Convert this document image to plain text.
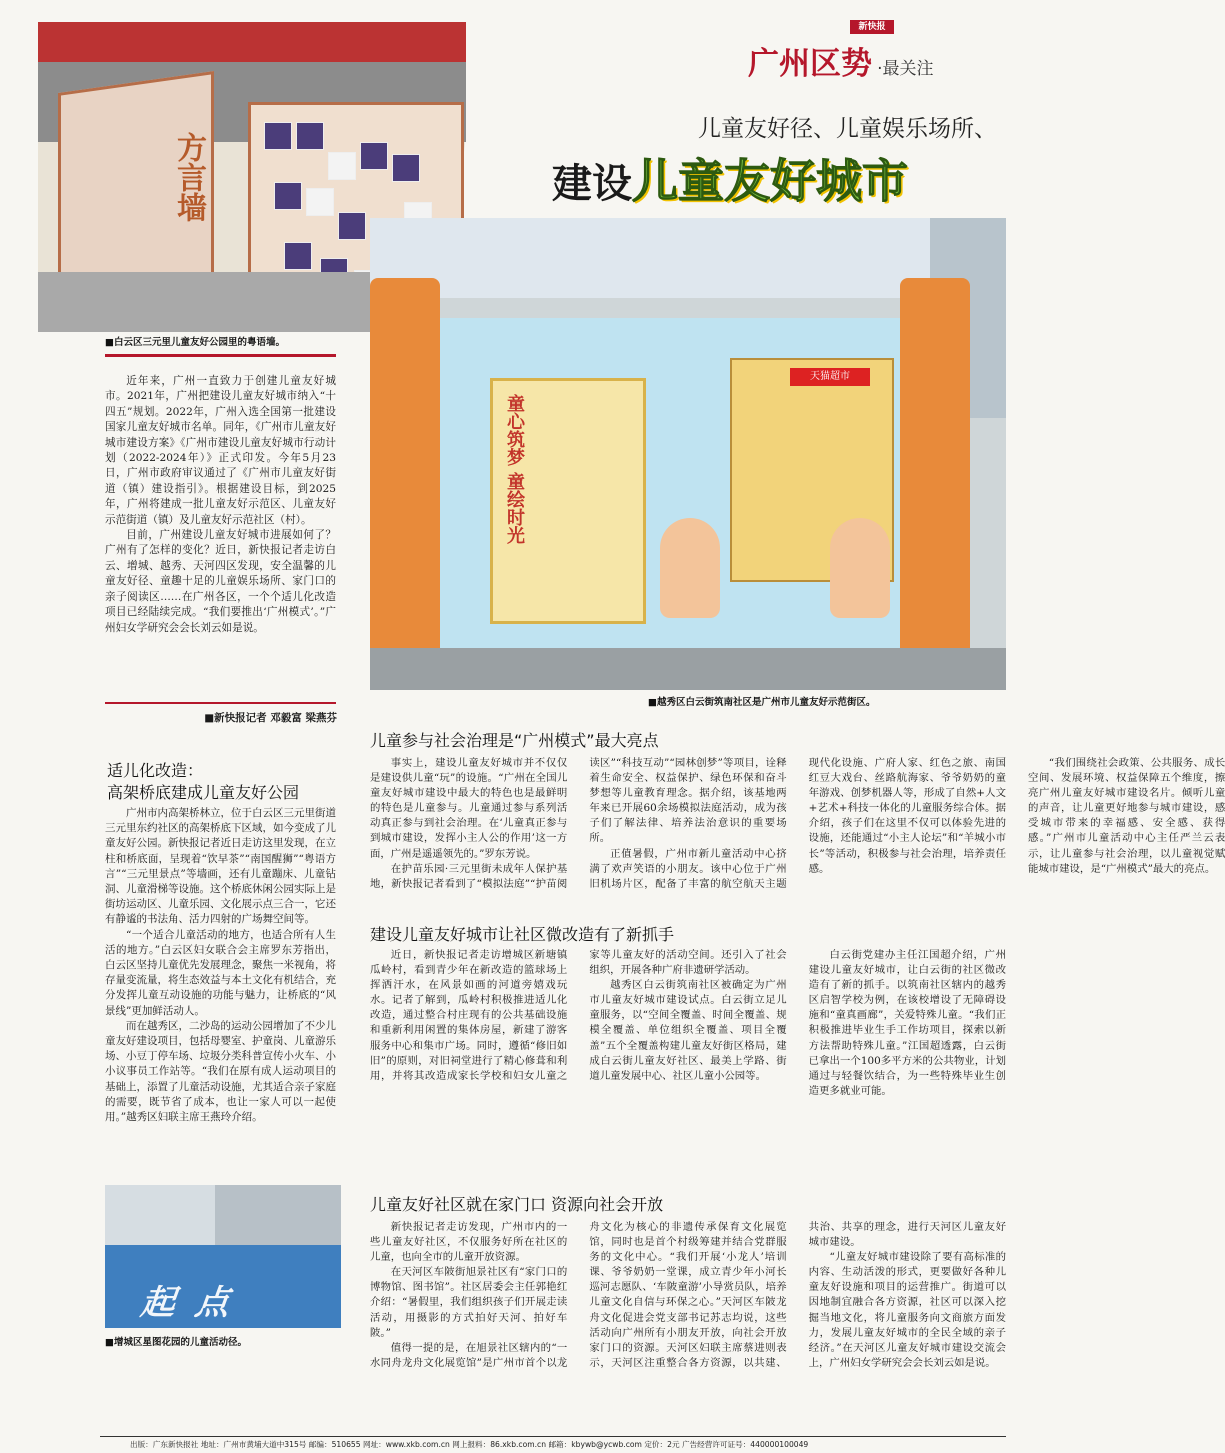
新快报
广州区势 ·最关注
儿童友好径、儿童娱乐场所、
建设儿童友好城市
方言墙
■白云区三元里儿童友好公园里的粤语墙。
童心筑梦 童绘时光
天猫超市
■越秀区白云街筑南社区是广州市儿童友好示范街区。

近年来，广州一直致力于创建儿童友好城市。2021年，广州把建设儿童友好城市纳入“十四五”规划。2022年，广州入选全国第一批建设国家儿童友好城市名单。同年，《广州市儿童友好城市建设方案》《广州市建设儿童友好城市行动计划（2022-2024年）》正式印发。今年5月23日，广州市政府审议通过了《广州市儿童友好街道（镇）建设指引》。根据建设目标，到2025年，广州将建成一批儿童友好示范区、儿童友好示范街道（镇）及儿童友好示范社区（村）。

目前，广州建设儿童友好城市进展如何了？广州有了怎样的变化？近日，新快报记者走访白云、增城、越秀、天河四区发现，安全温馨的儿童友好径、童趣十足的儿童娱乐场所、家门口的亲子阅读区……在广州各区，一个个适儿化改造项目已经陆续完成。“我们要推出‘广州模式’。”广州妇女学研究会会长刘云如是说。

■新快报记者 邓毅富 梁燕芬
适儿化改造：
高架桥底建成儿童友好公园

广州市内高架桥林立，位于白云区三元里街道三元里东约社区的高架桥底下区域，如今变成了儿童友好公园。新快报记者近日走访这里发现，在立柱和桥底面，呈现着“饮早茶”“南国醒狮”“粤语方言”“三元里景点”等墙画，还有儿童蹦床、儿童钻洞、儿童滑梯等设施。这个桥底休闲公园实际上是街坊运动区、儿童乐园、文化展示点三合一，它还有静谧的书法角、活力四射的广场舞空间等。

“一个适合儿童活动的地方，也适合所有人生活的地方。”白云区妇女联合会主席罗东芳指出，白云区坚持儿童优先发展理念，聚焦一米视角，将存量变流量，将生态效益与本土文化有机结合，充分发挥儿童互动设施的功能与魅力，让桥底的“风景线”更加鲜活动人。

而在越秀区，二沙岛的运动公园增加了不少儿童友好建设项目，包括母婴室、护童岗、儿童游乐场、小豆丁停车场、垃圾分类科普宣传小火车、小小议事员工作站等。“我们在原有成人运动项目的基础上，添置了儿童活动设施，尤其适合亲子家庭的需要，既节省了成本，也让一家人可以一起使用。”越秀区妇联主席王燕玲介绍。

起点
■增城区星图花园的儿童活动径。
儿童参与社会治理是“广州模式”最大亮点

事实上，建设儿童友好城市并不仅仅是建设供儿童“玩”的设施。“广州在全国儿童友好城市建设中最大的特色也是最鲜明的特色是儿童参与。儿童通过参与系列活动真正参与到社会治理。在‘儿童真正参与到城市建设，发挥小主人公的作用’这一方面，广州是遥遥领先的。”罗东芳说。

在护苗乐园·三元里街未成年人保护基地，新快报记者看到了“模拟法庭”“护苗阅读区”“科技互动”“园林创梦”等项目，诠释着生命安全、权益保护、绿色环保和奋斗梦想等儿童教育理念。据介绍，该基地两年来已开展60余场模拟法庭活动，成为孩子们了解法律、培养法治意识的重要场所。

正值暑假，广州市新儿童活动中心挤满了欢声笑语的小朋友。该中心位于广州旧机场片区，配备了丰富的航空航天主题现代化设施、广府人家、红色之旅、南国红豆大戏台、丝路航海家、爷爷奶奶的童年游戏、创梦机器人等，形成了自然+人文+艺术+科技一体化的儿童服务综合体。据介绍，孩子们在这里不仅可以体验先进的设施，还能通过“小主人论坛”和“羊城小市长”等活动，积极参与社会治理，培养责任感。

“我们围绕社会政策、公共服务、成长空间、发展环境、权益保障五个维度，擦亮广州儿童友好城市建设名片。倾听儿童的声音，让儿童更好地参与城市建设，感受城市带来的幸福感、安全感、获得感。”广州市儿童活动中心主任严兰云表示，让儿童参与社会治理，以儿童视觉赋能城市建设，是“广州模式”最大的亮点。

建设儿童友好城市让社区微改造有了新抓手

近日，新快报记者走访增城区新塘镇瓜岭村，看到青少年在新改造的篮球场上挥洒汗水，在风景如画的河道旁嬉戏玩水。记者了解到，瓜岭村积极推进适儿化改造，通过整合村庄现有的公共基础设施和重新利用闲置的集体房屋，新建了游客服务中心和集市广场。同时，遵循“修旧如旧”的原则，对旧祠堂进行了精心修葺和利用，并将其改造成家长学校和妇女儿童之家等儿童友好的活动空间。还引入了社会组织，开展各种广府非遗研学活动。

越秀区白云街筑南社区被确定为广州市儿童友好城市建设试点。白云街立足儿童服务，以“空间全覆盖、时间全覆盖、规模全覆盖、单位组织全覆盖、项目全覆盖”五个全覆盖构建儿童友好街区格局，建成白云街儿童友好社区、最美上学路、街道儿童发展中心、社区儿童小公园等。

白云街党建办主任江国超介绍，广州建设儿童友好城市，让白云街的社区微改造有了新的抓手。以筑南社区辖内的越秀区启智学校为例，在该校增设了无障碍设施和“童真画廊”，关爱特殊儿童。“我们正积极推进毕业生手工作坊项目，探索以新方法帮助特殊儿童。”江国超透露，白云街已拿出一个100多平方米的公共物业，计划通过与轻餐饮结合，为一些特殊毕业生创造更多就业可能。

儿童友好社区就在家门口 资源向社会开放

新快报记者走访发现，广州市内的一些儿童友好社区，不仅服务好所在社区的儿童，也向全市的儿童开放资源。

在天河区车陂街旭景社区有“家门口的博物馆、图书馆”。社区居委会主任郭艳红介绍：“暑假里，我们组织孩子们开展走读活动，用摄影的方式拍好天河、拍好车陂。”

值得一提的是，在旭景社区辖内的“一水同舟龙舟文化展览馆”是广州市首个以龙舟文化为核心的非遗传承保育文化展览馆，同时也是首个村级筹建并结合党群服务的文化中心。“我们开展‘小龙人’培训课、爷爷奶奶一堂课，成立青少年小河长巡河志愿队、‘车陂童游’小导赏员队，培养儿童文化自信与环保之心。”天河区车陂龙舟文化促进会党支部书记苏志均说，这些活动向广州所有小朋友开放，向社会开放家门口的资源。天河区妇联主席蔡进则表示，天河区注重整合各方资源，以共建、共治、共享的理念，进行天河区儿童友好城市建设。

“儿童友好城市建设除了要有高标准的内容、生动活泼的形式，更要做好各种儿童友好设施和项目的运营推广。街道可以因地制宜融合各方资源，社区可以深入挖掘当地文化，将儿童服务向文商旅方面发力，发展儿童友好城市的全民全域的亲子经济。”在天河区儿童友好城市建设交流会上，广州妇女学研究会会长刘云如是说。

出版：广东新快报社 地址：广州市黄埔大道中315号 邮编：510655 网址：www.xkb.com.cn 网上报料：86.xkb.com.cn 邮箱：kbywb@ycwb.com 定价：2元 广告经营许可证号：440000100049
